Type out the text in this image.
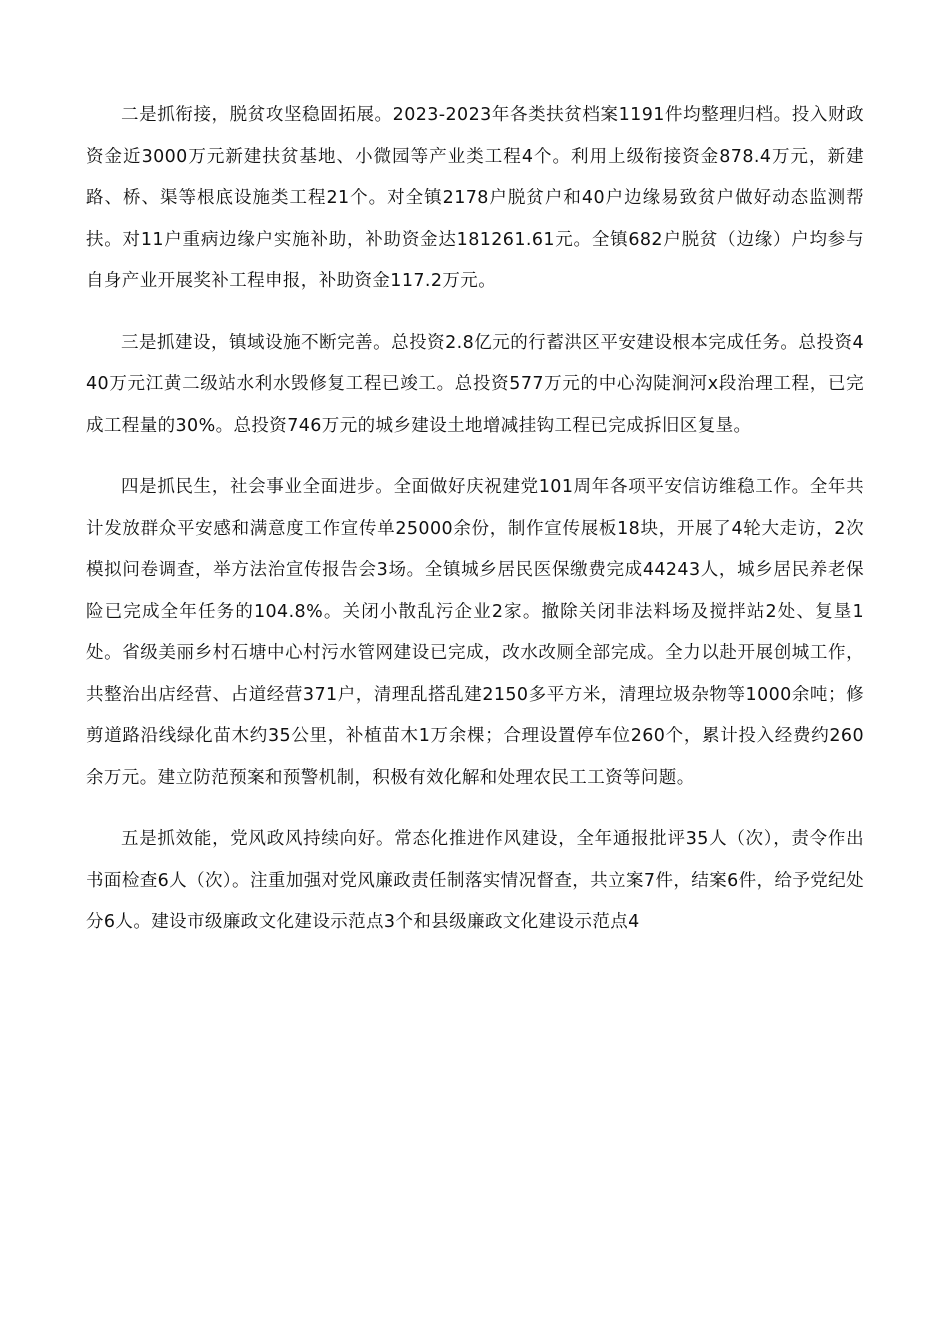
二是抓衔接，脱贫攻坚稳固拓展。2023-2023年各类扶贫档案1191件均整理归档。投入财政资金近3000万元新建扶贫基地、小微园等产业类工程4个。利用上级衔接资金878.4万元，新建路、桥、渠等根底设施类工程21个。对全镇2178户脱贫户和40户边缘易致贫户做好动态监测帮扶。对11户重病边缘户实施补助，补助资金达181261.61元。全镇682户脱贫（边缘）户均参与自身产业开展奖补工程申报，补助资金117.2万元。

三是抓建设，镇域设施不断完善。总投资2.8亿元的行蓄洪区平安建设根本完成任务。总投资440万元江黄二级站水利水毁修复工程已竣工。总投资577万元的中心沟陡涧河x段治理工程，已完成工程量的30%。总投资746万元的城乡建设土地增减挂钩工程已完成拆旧区复垦。

四是抓民生，社会事业全面进步。全面做好庆祝建党101周年各项平安信访维稳工作。全年共计发放群众平安感和满意度工作宣传单25000余份，制作宣传展板18块，开展了4轮大走访，2次模拟问卷调查，举方法治宣传报告会3场。全镇城乡居民医保缴费完成44243人，城乡居民养老保险已完成全年任务的104.8%。关闭小散乱污企业2家。撤除关闭非法料场及搅拌站2处、复垦1处。省级美丽乡村石塘中心村污水管网建设已完成，改水改厕全部完成。全力以赴开展创城工作，共整治出店经营、占道经营371户，清理乱搭乱建2150多平方米，清理垃圾杂物等1000余吨；修剪道路沿线绿化苗木约35公里，补植苗木1万余棵；合理设置停车位260个，累计投入经费约260余万元。建立防范预案和预警机制，积极有效化解和处理农民工工资等问题。

五是抓效能，党风政风持续向好。常态化推进作风建设，全年通报批评35人（次），责令作出书面检查6人（次）。注重加强对党风廉政责任制落实情况督查，共立案7件，结案6件，给予党纪处分6人。建设市级廉政文化建设示范点3个和县级廉政文化建设示范点4
